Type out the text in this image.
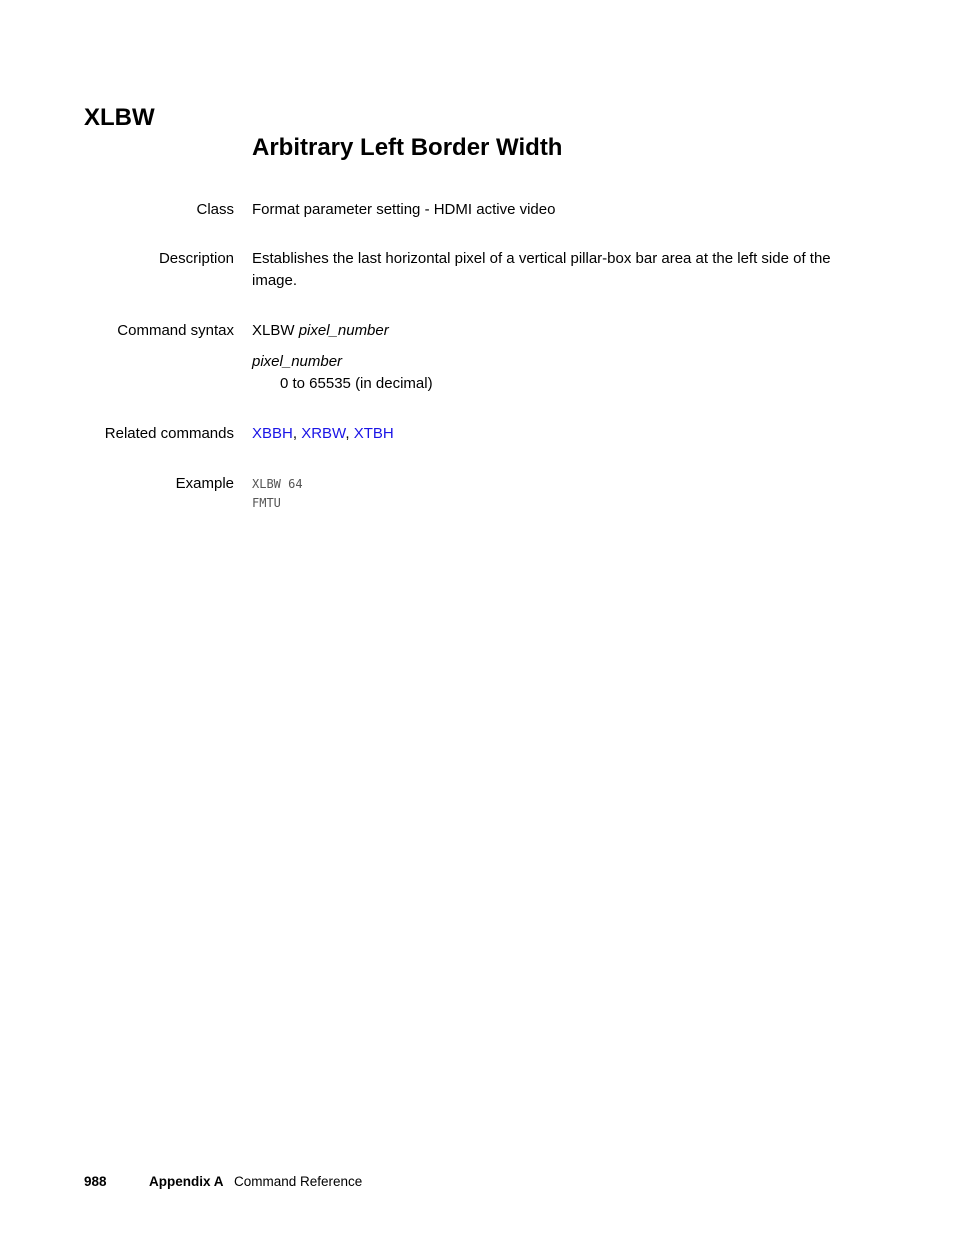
XLBW
Arbitrary Left Border Width
Class Format parameter setting - HDMI active video
Description Establishes the last horizontal pixel of a vertical pillar-box bar area at the left side of the image.
Command syntax XLBW pixel_number
pixel_number
0 to 65535 (in decimal)
Related commands XBBH, XRBW, XTBH
Example XLBW 64
FMTU
988	Appendix A Command Reference
